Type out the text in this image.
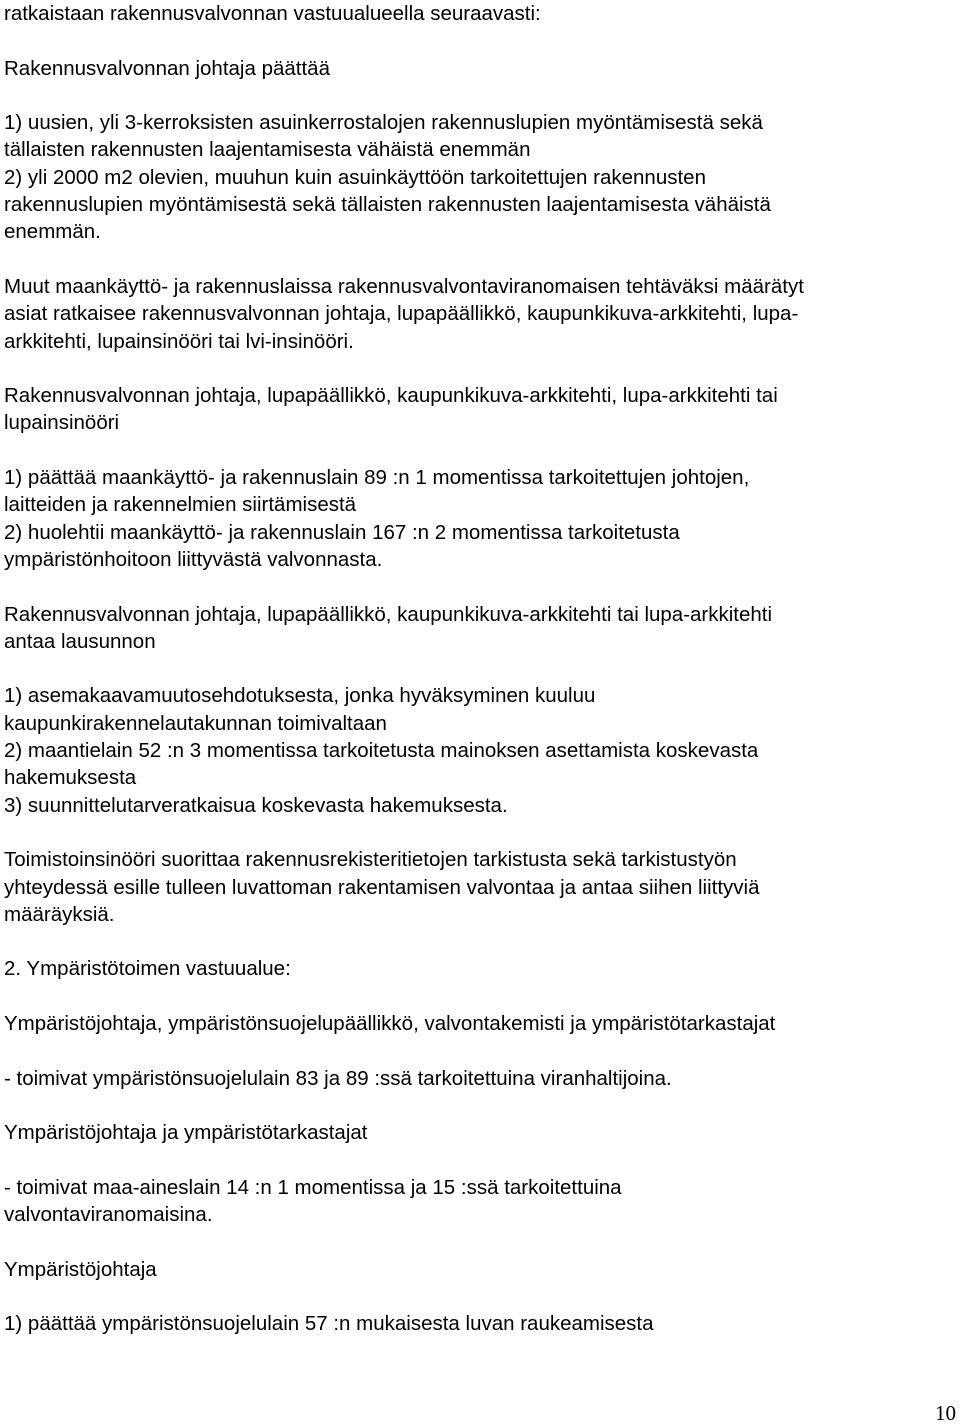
ratkaistaan rakennusvalvonnan vastuualueella seuraavasti:
Rakennusvalvonnan johtaja päättää
1) uusien, yli 3-kerroksisten asuinkerrostalojen rakennuslupien myöntämisestä sekä
tällaisten rakennusten laajentamisesta vähäistä enemmän
2) yli 2000 m2 olevien, muuhun kuin asuinkäyttöön tarkoitettujen rakennusten
rakennuslupien myöntämisestä sekä tällaisten rakennusten laajentamisesta vähäistä
enemmän.
Muut maankäyttö- ja rakennuslaissa rakennusvalvontaviranomaisen tehtäväksi määrätyt
asiat ratkaisee rakennusvalvonnan johtaja, lupapäällikkö, kaupunkikuva-arkkitehti, lupa-
arkkitehti, lupainsinööri tai lvi-insinööri.
Rakennusvalvonnan johtaja, lupapäällikkö, kaupunkikuva-arkkitehti, lupa-arkkitehti tai
lupainsinööri
1) päättää maankäyttö- ja rakennuslain 89 :n 1 momentissa tarkoitettujen johtojen,
laitteiden ja rakennelmien siirtämisestä
2) huolehtii maankäyttö- ja rakennuslain 167 :n 2 momentissa tarkoitetusta
ympäristönhoitoon liittyvästä valvonnasta.
Rakennusvalvonnan johtaja, lupapäällikkö, kaupunkikuva-arkkitehti tai lupa-arkkitehti
antaa lausunnon
1) asemakaavamuutosehdotuksesta, jonka hyväksyminen kuuluu
kaupunkirakennelautakunnan toimivaltaan
2) maantielain 52 :n 3 momentissa tarkoitetusta mainoksen asettamista koskevasta
hakemuksesta
3) suunnittelutarveratkaisua koskevasta hakemuksesta.
Toimistoinsinööri suorittaa rakennusrekisteritietojen tarkistusta sekä tarkistustyön
yhteydessä esille tulleen luvattoman rakentamisen valvontaa ja antaa siihen liittyviä
määräyksiä.
2. Ympäristötoimen vastuualue:
Ympäristöjohtaja, ympäristönsuojelupäällikkö, valvontakemisti ja ympäristötarkastajat
- toimivat ympäristönsuojelulain 83 ja 89 :ssä tarkoitettuina viranhaltijoina.
Ympäristöjohtaja ja ympäristötarkastajat
- toimivat maa-aineslain 14 :n 1 momentissa ja 15 :ssä tarkoitettuina
valvontaviranomaisina.
Ympäristöjohtaja
1) päättää ympäristönsuojelulain 57 :n mukaisesta luvan raukeamisesta
10
